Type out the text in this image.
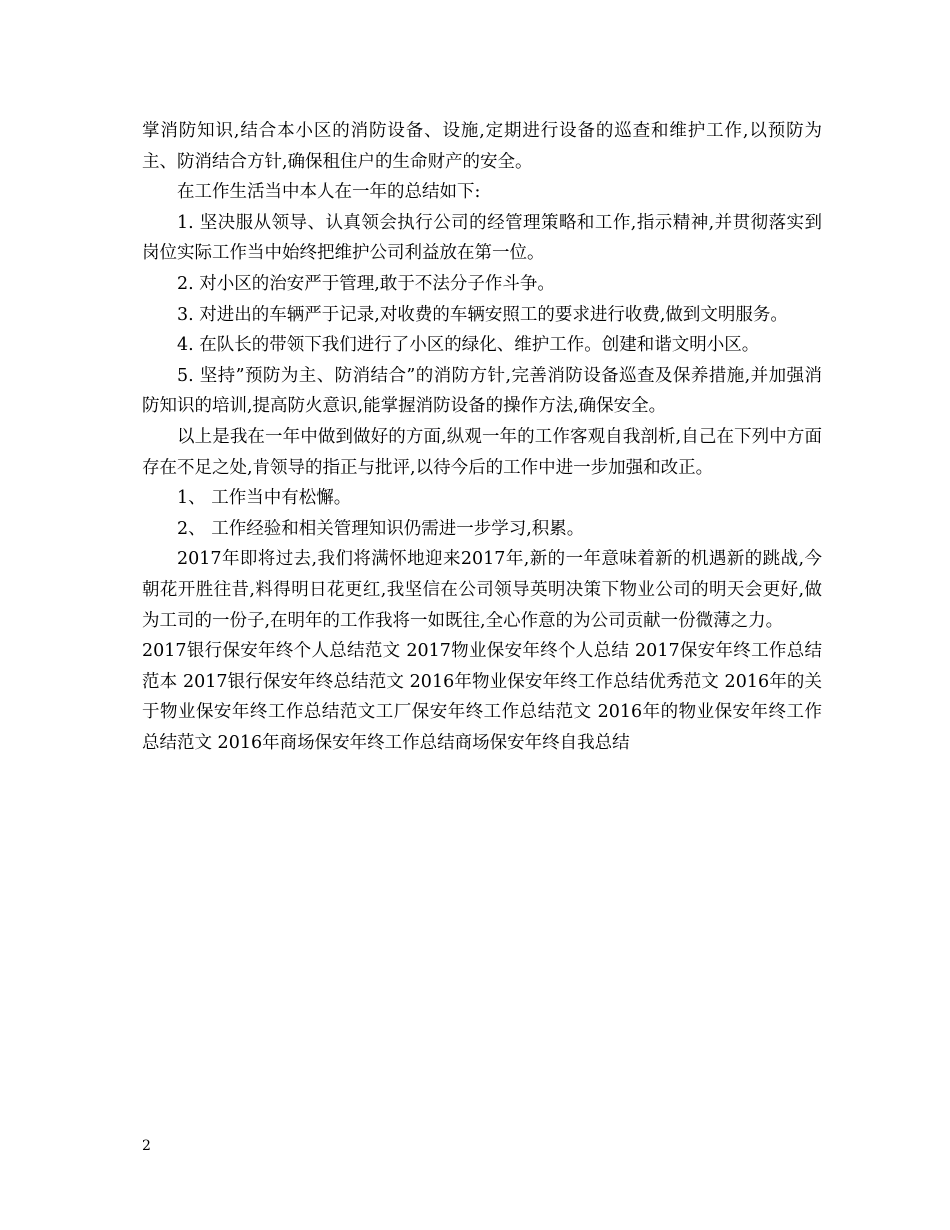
掌消防知识,结合本小区的消防设备、设施,定期进行设备的巡查和维护工作,以预防为主、防消结合方针,确保租住户的生命财产的安全。

在工作生活当中本人在一年的总结如下:

1. 坚决服从领导、认真领会执行公司的经管理策略和工作,指示精神,并贯彻落实到岗位实际工作当中始终把维护公司利益放在第一位。

2. 对小区的治安严于管理,敢于不法分子作斗争。

3. 对进出的车辆严于记录,对收费的车辆安照工的要求进行收费,做到文明服务。

4. 在队长的带领下我们进行了小区的绿化、维护工作。创建和谐文明小区。

5. 坚持”预防为主、防消结合”的消防方针,完善消防设备巡查及保养措施,并加强消防知识的培训,提高防火意识,能掌握消防设备的操作方法,确保安全。

以上是我在一年中做到做好的方面,纵观一年的工作客观自我剖析,自己在下列中方面存在不足之处,肯领导的指正与批评,以待今后的工作中进一步加强和改正。

1、 工作当中有松懈。

2、 工作经验和相关管理知识仍需进一步学习,积累。

2017年即将过去,我们将满怀地迎来2017年,新的一年意味着新的机遇新的跳战,今朝花开胜往昔,料得明日花更红,我坚信在公司领导英明决策下物业公司的明天会更好,做为工司的一份子,在明年的工作我将一如既往,全心作意的为公司贡献一份微薄之力。

2017银行保安年终个人总结范文 2017物业保安年终个人总结 2017保安年终工作总结范本 2017银行保安年终总结范文 2016年物业保安年终工作总结优秀范文 2016年的关于物业保安年终工作总结范文工厂保安年终工作总结范文 2016年的物业保安年终工作总结范文 2016年商场保安年终工作总结商场保安年终自我总结

2
